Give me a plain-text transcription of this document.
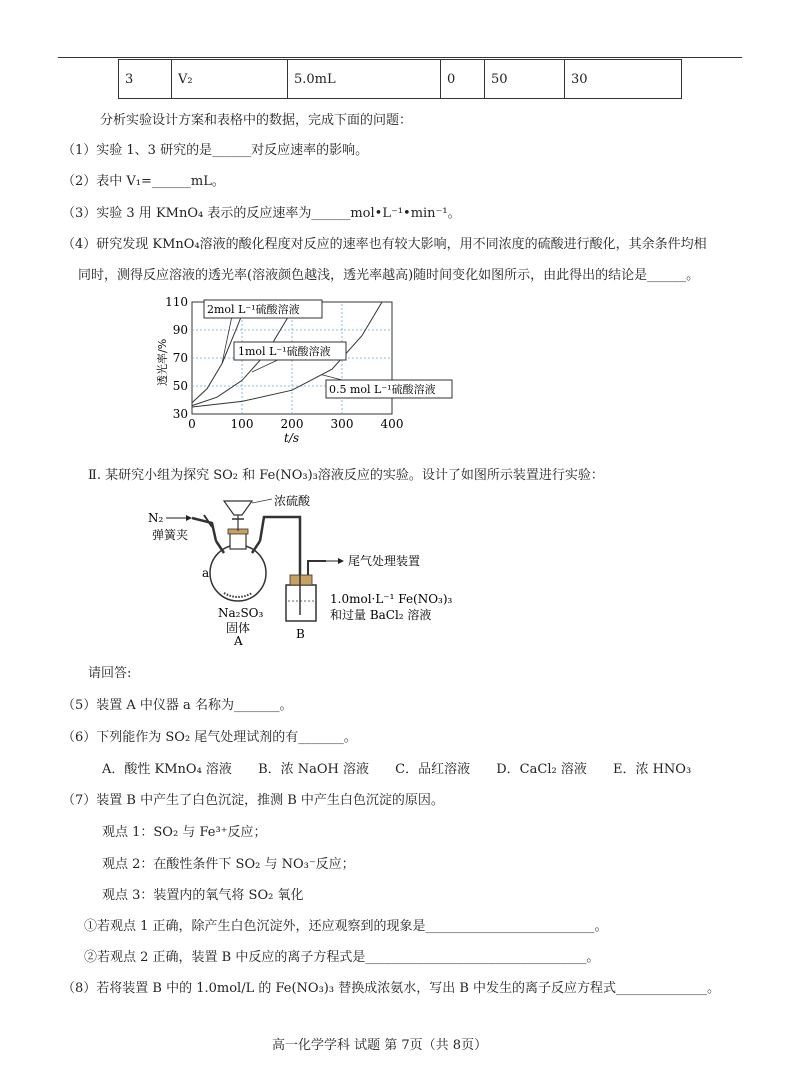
3	V₂	5.0mL	0	50	30
分析实验设计方案和表格中的数据，完成下面的问题：
（1）实验 1、3 研究的是______对反应速率的影响。
（2）表中 V₁=______mL。
（3）实验 3 用 KMnO₄ 表示的反应速率为______mol•L⁻¹•min⁻¹。
（4）研究发现 KMnO₄溶液的酸化程度对反应的速率也有较大影响，用不同浓度的硫酸进行酸化，其余条件均相
同时，测得反应溶液的透光率(溶液颜色越浅，透光率越高)随时间变化如图所示，由此得出的结论是______。
0	100 200 300 400
30
50
70
90
110
t/s
透光率/%
2mol L⁻¹硫酸溶液
1mol L⁻¹硫酸溶液
0.5 mol L⁻¹硫酸溶液
Ⅱ. 某研究小组为探究 SO₂ 和 Fe(NO₃)₃溶液反应的实验。设计了如图所示装置进行实验：
N₂
弹簧夹
浓硫酸
a
Na₂SO₃
固体
A
尾气处理装置
1.0mol·L⁻¹ Fe(NO₃)₃
和过量 BaCl₂ 溶液
B
请回答:
（5）装置 A 中仪器 a 名称为_______。
（6）下列能作为 SO₂ 尾气处理试剂的有_______。
A．酸性 KMnO₄ 溶液 B．浓 NaOH 溶液 C．品红溶液 D．CaCl₂ 溶液 E．浓 HNO₃
（7）装置 B 中产生了白色沉淀，推测 B 中产生白色沉淀的原因。
观点 1：SO₂ 与 Fe³⁺反应；
观点 2：在酸性条件下 SO₂ 与 NO₃⁻反应；
观点 3：装置内的氧气将 SO₂ 氧化
①若观点 1 正确，除产生白色沉淀外，还应观察到的现象是__________________________。
②若观点 2 正确，装置 B 中反应的离子方程式是__________________________________。
（8）若将装置 B 中的 1.0mol/L 的 Fe(NO₃)₃ 替换成浓氨水，写出 B 中发生的离子反应方程式______________。
高一化学学科 试题 第 7页（共 8页）
